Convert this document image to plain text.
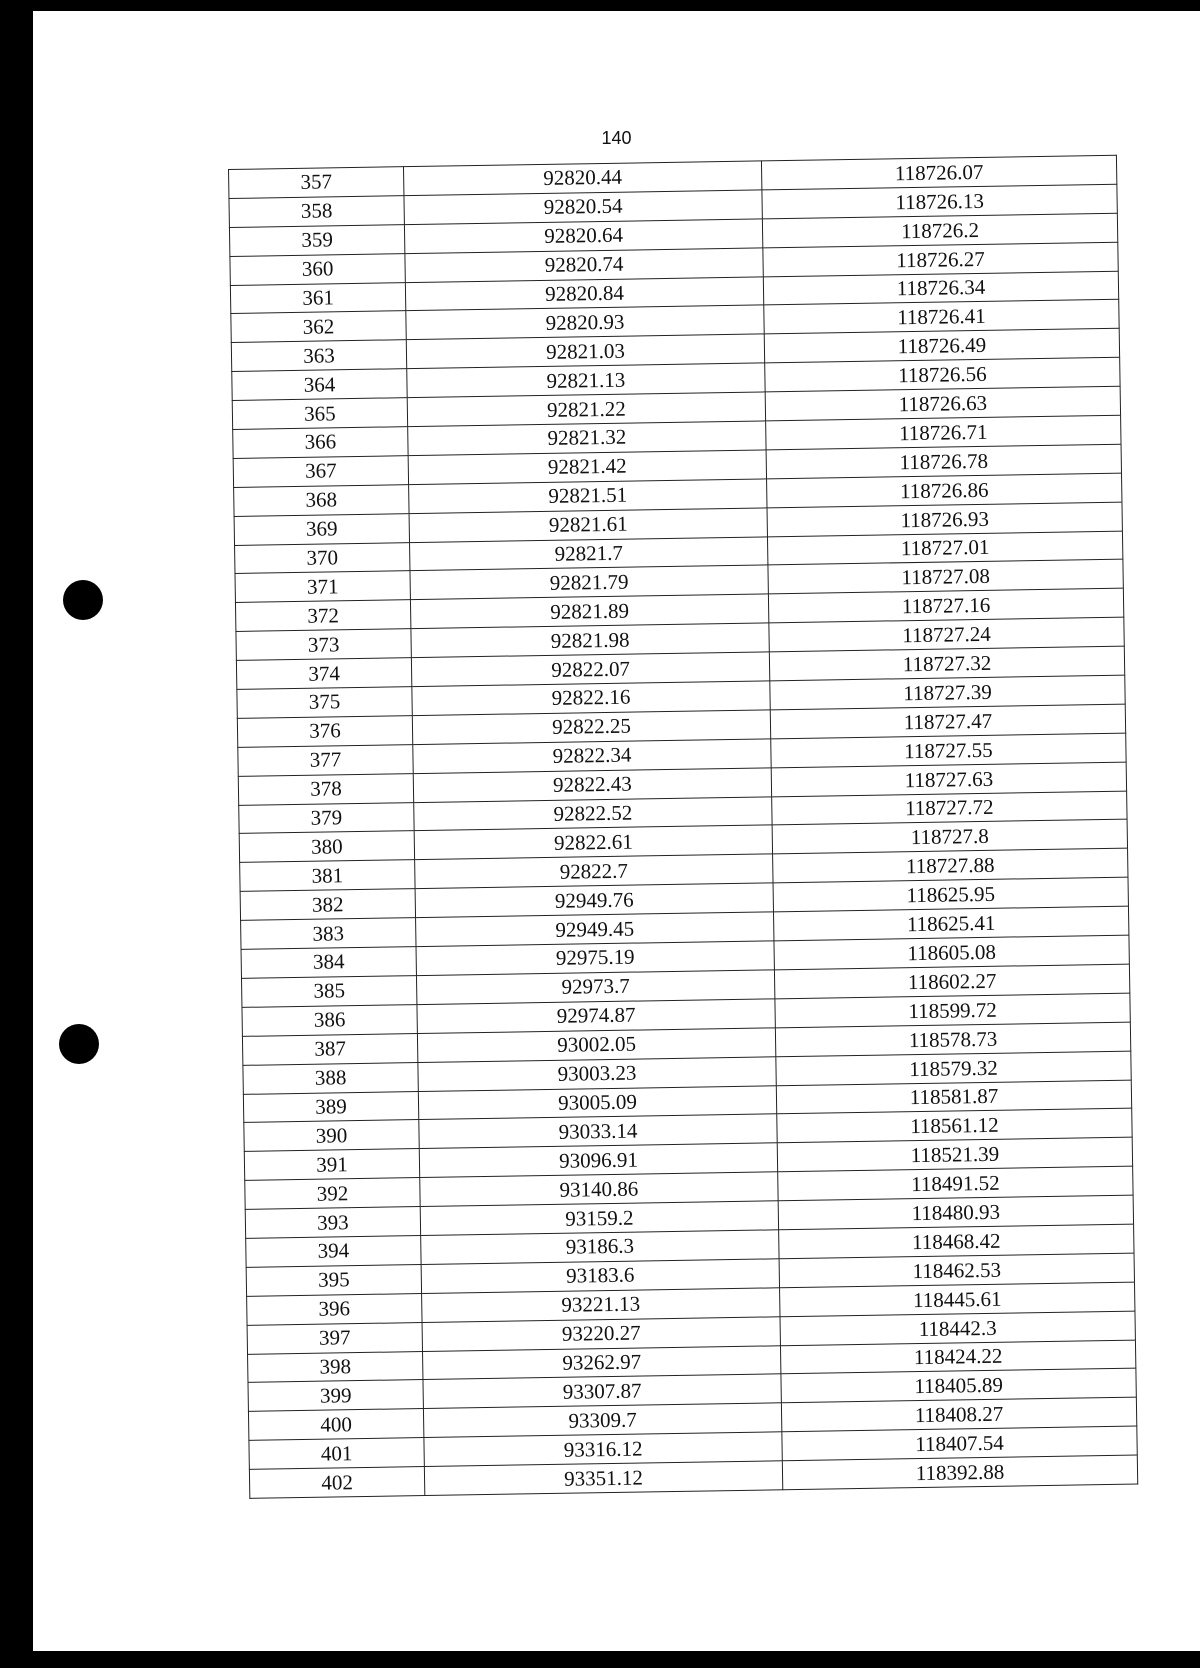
140
357	92820.44	118726.07
358	92820.54	118726.13
359	92820.64	118726.2
360	92820.74	118726.27
361	92820.84	118726.34
362	92820.93	118726.41
363	92821.03	118726.49
364	92821.13	118726.56
365	92821.22	118726.63
366	92821.32	118726.71
367	92821.42	118726.78
368	92821.51	118726.86
369	92821.61	118726.93
370	92821.7	118727.01
371	92821.79	118727.08
372	92821.89	118727.16
373	92821.98	118727.24
374	92822.07	118727.32
375	92822.16	118727.39
376	92822.25	118727.47
377	92822.34	118727.55
378	92822.43	118727.63
379	92822.52	118727.72
380	92822.61	118727.8
381	92822.7	118727.88
382	92949.76	118625.95
383	92949.45	118625.41
384	92975.19	118605.08
385	92973.7	118602.27
386	92974.87	118599.72
387	93002.05	118578.73
388	93003.23	118579.32
389	93005.09	118581.87
390	93033.14	118561.12
391	93096.91	118521.39
392	93140.86	118491.52
393	93159.2	118480.93
394	93186.3	118468.42
395	93183.6	118462.53
396	93221.13	118445.61
397	93220.27	118442.3
398	93262.97	118424.22
399	93307.87	118405.89
400	93309.7	118408.27
401	93316.12	118407.54
402	93351.12	118392.88
